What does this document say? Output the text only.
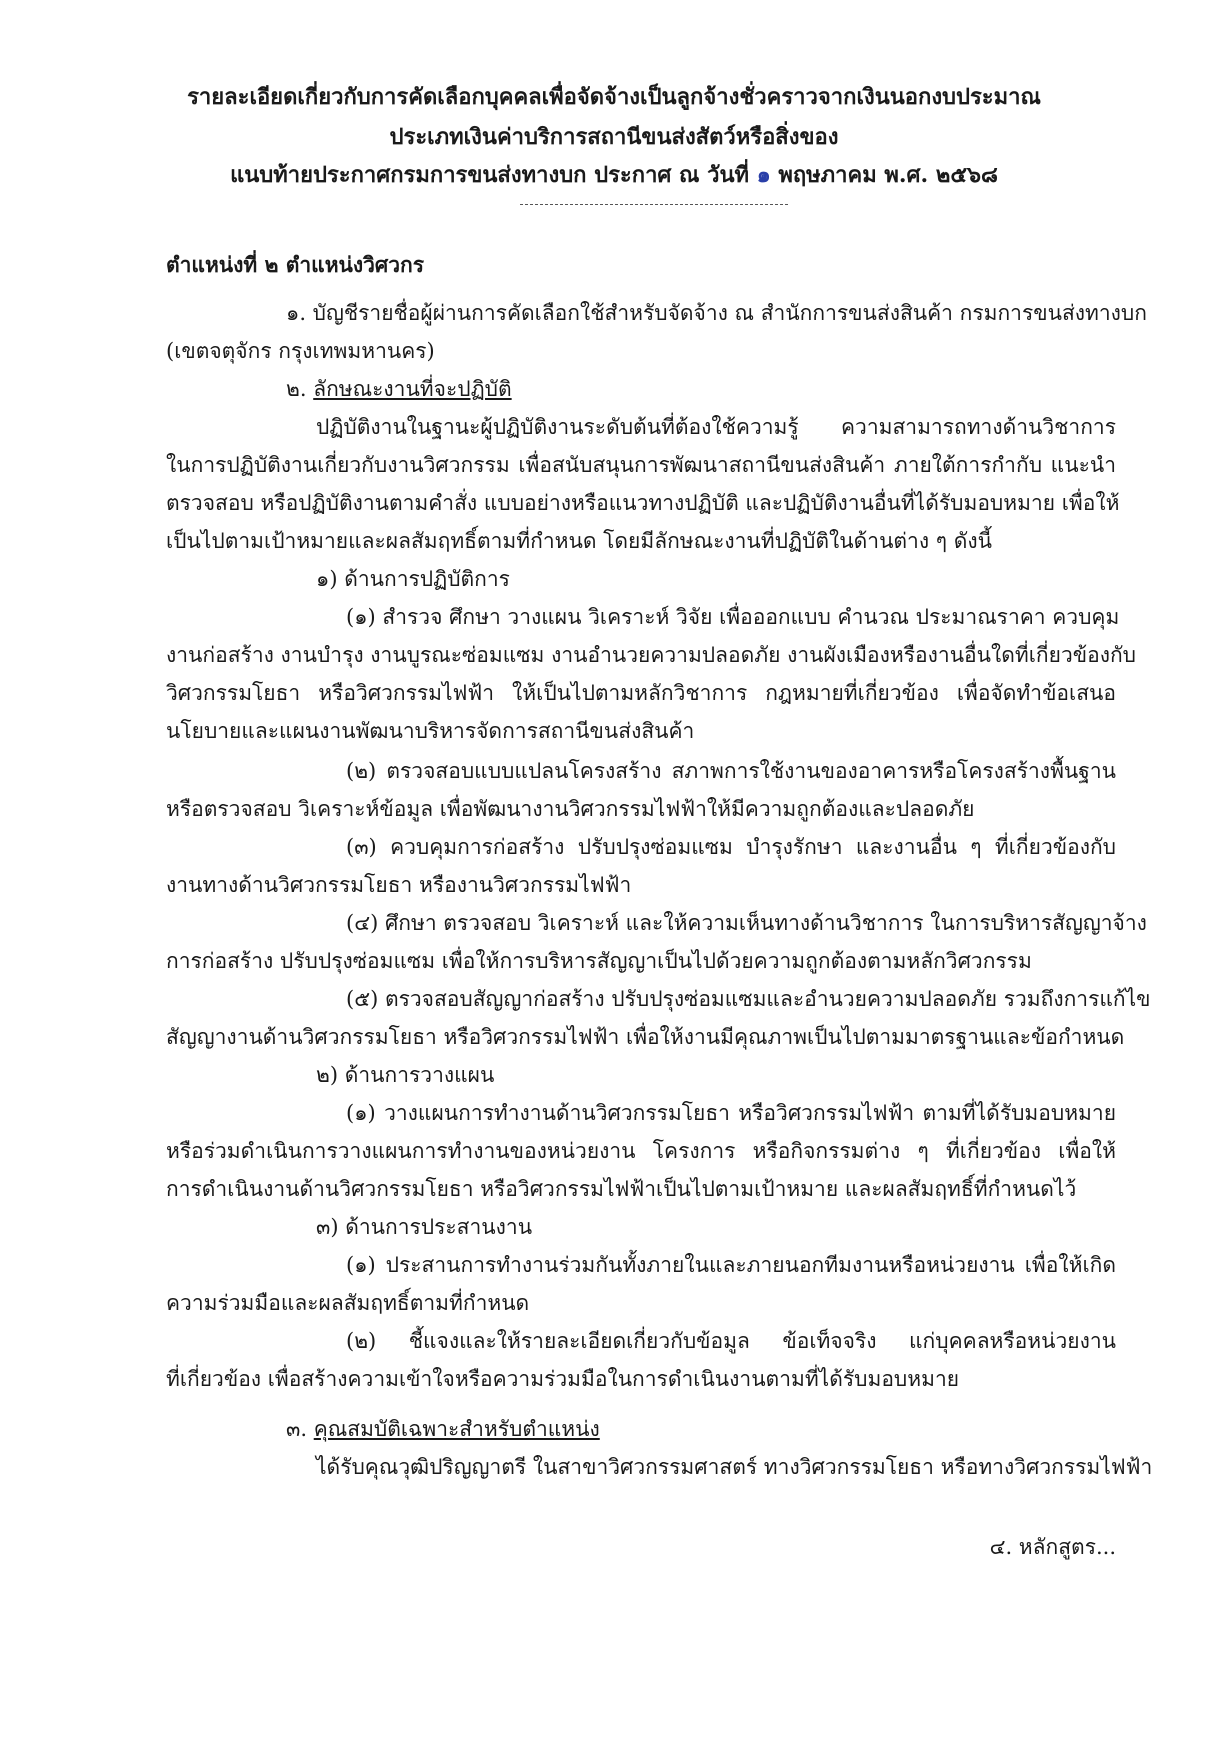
รายละเอียดเกี่ยวกับการคัดเลือกบุคคลเพื่อจัดจ้างเป็นลูกจ้างชั่วคราวจากเงินนอกงบประมาณ
ประเภทเงินค่าบริการสถานีขนส่งสัตว์หรือสิ่งของ
แนบท้ายประกาศกรมการขนส่งทางบก ประกาศ ณ วันที่ ๑ พฤษภาคม พ.ศ. ๒๕๖๘
ตำแหน่งที่ ๒ ตำแหน่งวิศวกร
๑. บัญชีรายชื่อผู้ผ่านการคัดเลือกใช้สำหรับจัดจ้าง ณ สำนักการขนส่งสินค้า กรมการขนส่งทางบก
(เขตจตุจักร กรุงเทพมหานคร)
๒. ลักษณะงานที่จะปฏิบัติ
ปฏิบัติงานในฐานะผู้ปฏิบัติงานระดับต้นที่ต้องใช้ความรู้ ความสามารถทางด้านวิชาการ
ในการปฏิบัติงานเกี่ยวกับงานวิศวกรรม เพื่อสนับสนุนการพัฒนาสถานีขนส่งสินค้า ภายใต้การกำกับ แนะนำ
ตรวจสอบ หรือปฏิบัติงานตามคำสั่ง แบบอย่างหรือแนวทางปฏิบัติ และปฏิบัติงานอื่นที่ได้รับมอบหมาย เพื่อให้
เป็นไปตามเป้าหมายและผลสัมฤทธิ์ตามที่กำหนด โดยมีลักษณะงานที่ปฏิบัติในด้านต่าง ๆ ดังนี้
๑) ด้านการปฏิบัติการ
(๑) สำรวจ ศึกษา วางแผน วิเคราะห์ วิจัย เพื่อออกแบบ คำนวณ ประมาณราคา ควบคุม
งานก่อสร้าง งานบำรุง งานบูรณะซ่อมแซม งานอำนวยความปลอดภัย งานผังเมืองหรืองานอื่นใดที่เกี่ยวข้องกับ
วิศวกรรมโยธา หรือวิศวกรรมไฟฟ้า ให้เป็นไปตามหลักวิชาการ กฎหมายที่เกี่ยวข้อง เพื่อจัดทำข้อเสนอ
นโยบายและแผนงานพัฒนาบริหารจัดการสถานีขนส่งสินค้า
(๒) ตรวจสอบแบบแปลนโครงสร้าง สภาพการใช้งานของอาคารหรือโครงสร้างพื้นฐาน
หรือตรวจสอบ วิเคราะห์ข้อมูล เพื่อพัฒนางานวิศวกรรมไฟฟ้าให้มีความถูกต้องและปลอดภัย
(๓) ควบคุมการก่อสร้าง ปรับปรุงซ่อมแซม บำรุงรักษา และงานอื่น ๆ ที่เกี่ยวข้องกับ
งานทางด้านวิศวกรรมโยธา หรืองานวิศวกรรมไฟฟ้า
(๔) ศึกษา ตรวจสอบ วิเคราะห์ และให้ความเห็นทางด้านวิชาการ ในการบริหารสัญญาจ้าง
การก่อสร้าง ปรับปรุงซ่อมแซม เพื่อให้การบริหารสัญญาเป็นไปด้วยความถูกต้องตามหลักวิศวกรรม
(๕) ตรวจสอบสัญญาก่อสร้าง ปรับปรุงซ่อมแซมและอำนวยความปลอดภัย รวมถึงการแก้ไข
สัญญางานด้านวิศวกรรมโยธา หรือวิศวกรรมไฟฟ้า เพื่อให้งานมีคุณภาพเป็นไปตามมาตรฐานและข้อกำหนด
๒) ด้านการวางแผน
(๑) วางแผนการทำงานด้านวิศวกรรมโยธา หรือวิศวกรรมไฟฟ้า ตามที่ได้รับมอบหมาย
หรือร่วมดำเนินการวางแผนการทำงานของหน่วยงาน โครงการ หรือกิจกรรมต่าง ๆ ที่เกี่ยวข้อง เพื่อให้
การดำเนินงานด้านวิศวกรรมโยธา หรือวิศวกรรมไฟฟ้าเป็นไปตามเป้าหมาย และผลสัมฤทธิ์ที่กำหนดไว้
๓) ด้านการประสานงาน
(๑) ประสานการทำงานร่วมกันทั้งภายในและภายนอกทีมงานหรือหน่วยงาน เพื่อให้เกิด
ความร่วมมือและผลสัมฤทธิ์ตามที่กำหนด
(๒) ชี้แจงและให้รายละเอียดเกี่ยวกับข้อมูล ข้อเท็จจริง แก่บุคคลหรือหน่วยงาน
ที่เกี่ยวข้อง เพื่อสร้างความเข้าใจหรือความร่วมมือในการดำเนินงานตามที่ได้รับมอบหมาย
๓. คุณสมบัติเฉพาะสำหรับตำแหน่ง
ได้รับคุณวุฒิปริญญาตรี ในสาขาวิศวกรรมศาสตร์ ทางวิศวกรรมโยธา หรือทางวิศวกรรมไฟฟ้า
๔. หลักสูตร...
